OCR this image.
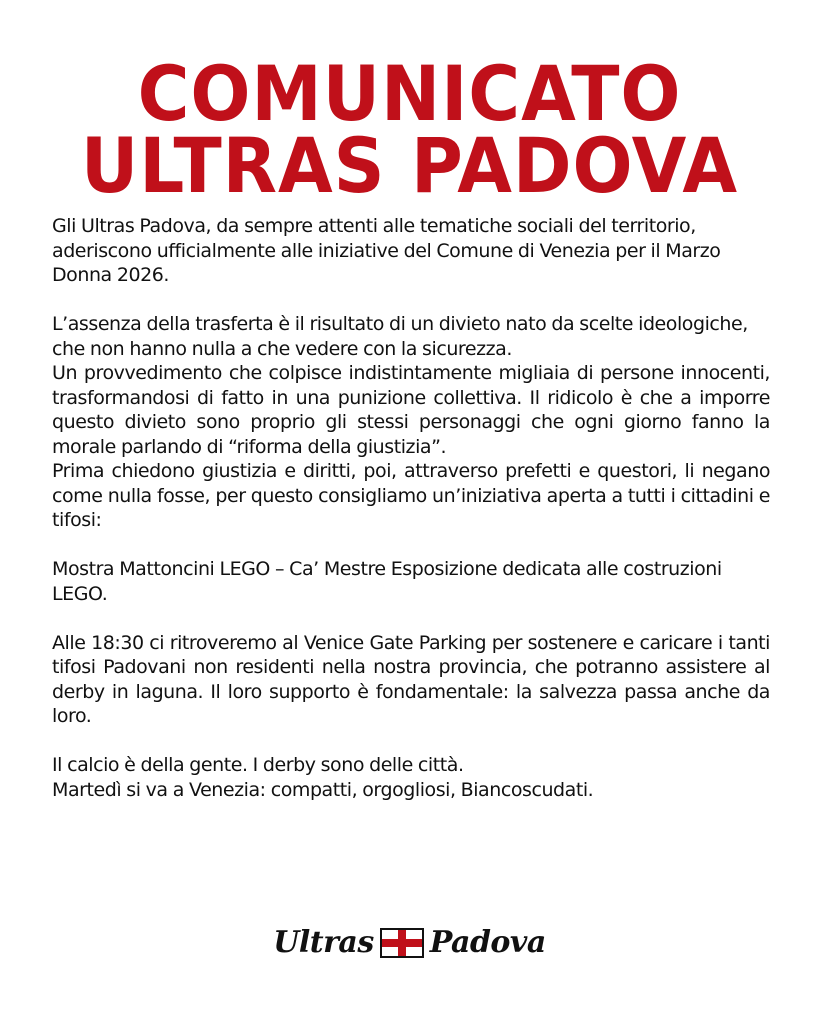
COMUNICATO
ULTRAS PADOVA

Gli Ultras Padova, da sempre attenti alle tematiche sociali del territorio, aderiscono ufficialmente alle iniziative del Comune di Venezia per il Marzo Donna 2026.

L’assenza della trasferta è il risultato di un divieto nato da scelte ideologiche, che non hanno nulla a che vedere con la sicurezza.

Un provvedimento che colpisce indistintamente migliaia di persone innocenti, trasformandosi di fatto in una punizione collettiva. Il ridicolo è che a imporre questo divieto sono proprio gli stessi personaggi che ogni giorno fanno la morale parlando di “riforma della giustizia”.

Prima chiedono giustizia e diritti, poi, attraverso prefetti e questori, li negano come nulla fosse, per questo consigliamo un’iniziativa aperta a tutti i cittadini e tifosi:

Mostra Mattoncini LEGO – Ca’ Mestre Esposizione dedicata alle costruzioni LEGO.

Alle 18:30 ci ritroveremo al Venice Gate Parking per sostenere e caricare i tanti tifosi Padovani non residenti nella nostra provincia, che potranno assistere al derby in laguna. Il loro supporto è fondamentale: la salvezza passa anche da loro.

Il calcio è della gente. I derby sono delle città.

Martedì si va a Venezia: compatti, orgogliosi, Biancoscudati.

Ultras Padova
